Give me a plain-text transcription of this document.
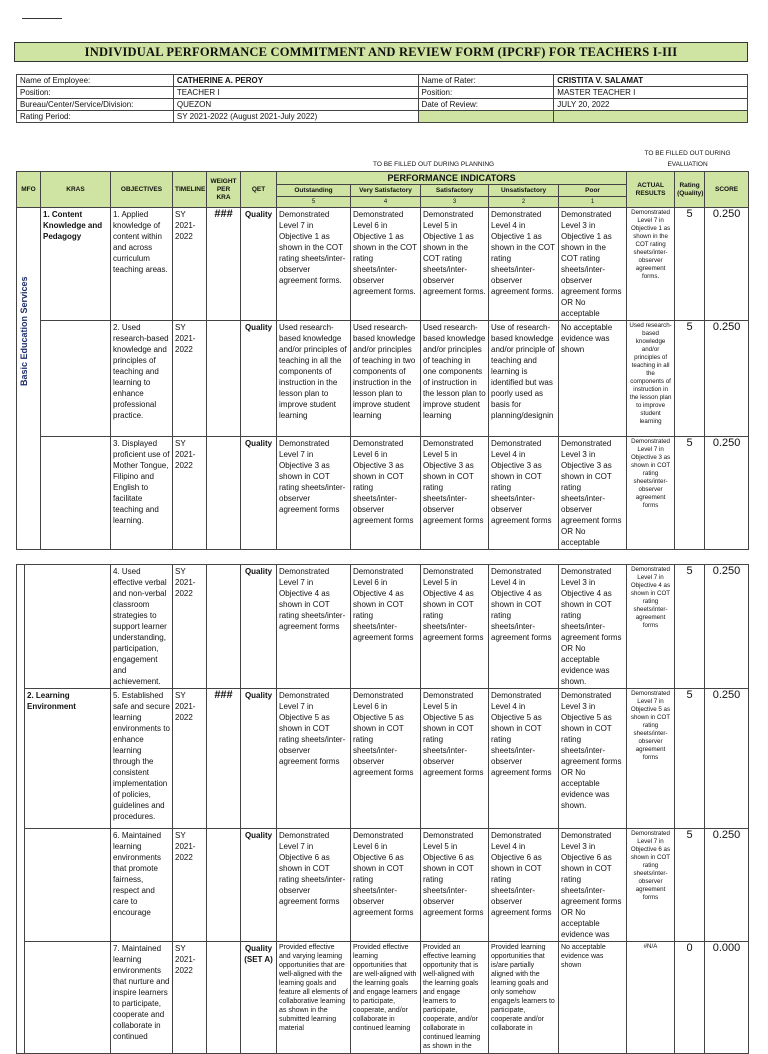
INDIVIDUAL PERFORMANCE COMMITMENT AND REVIEW FORM (IPCRF) FOR TEACHERS I-III
Name of Employee:	CATHERINE A. PEROY	Name of Rater:	CRISTITA V. SALAMAT
Position:	TEACHER I	Position:	MASTER TEACHER I
Bureau/Center/Service/Division:	QUEZON	Date of Review:	JULY 20, 2022
Rating Period:	SY 2021-2022 (August 2021-July 2022)		
					TO BE FILLED OUT DURING PLANNING						TO BE FILLED OUT DURING EVALUATION		
MFO	KRAS	OBJECTIVES	TIMELINE	WEIGHT PER KRA	QET	PERFORMANCE INDICATORS					ACTUAL RESULTS	Rating (Quality)	SCORE
						Outstanding	Very Satisfactory	Satisfactory	Unsatisfactory	Poor			
						5	4	3	2	1			

Basic Education Services	1. Content Knowledge and Pedagogy	1. Applied knowledge of content within and across curriculum teaching areas.	SY 2021-2022	###	Quality	Demonstrated Level 7 in Objective 1 as shown in the COT rating sheets/inter-observer agreement forms.	Demonstrated Level 6 in Objective 1 as shown in the COT rating sheets/inter-observer agreement forms.	Demonstrated Level 5 in Objective 1 as shown in the COT rating sheets/inter-observer agreement forms.	Demonstrated Level 4 in Objective 1 as shown in the COT rating sheets/inter-observer agreement forms.	Demonstrated Level 3 in Objective 1 as shown in the COT rating sheets/inter-observer agreement forms OR No acceptable	Demonstrated Level 7 in Objective 1 as shown in the COT rating sheets/inter-observer agreement forms.	5	0.250
		2. Used research-based knowledge and principles of teaching and learning to enhance professional practice.	SY 2021-2022		Quality	Used research-based knowledge and/or principles of teaching in all the components of instruction in the lesson plan to improve student learning	Used research-based knowledge and/or principles of teaching in two components of instruction in the lesson plan to improve student learning	Used research-based knowledge and/or principles of teaching in one components of instruction in the lesson plan to improve student learning	Use of research-based knowledge and/or principle of teaching and learning is identified but was poorly used as basis for planning/designin	No acceptable evidence was shown	Used research-based knowledge and/or principles of teaching in all the components of instruction in the lesson plan to improve student learning	5	0.250
		3. Displayed proficient use of Mother Tongue, Filipino and English to facilitate teaching and learning.	SY 2021-2022		Quality	Demonstrated Level 7 in Objective 3 as shown in COT rating sheets/inter-observer agreement forms	Demonstrated Level 6 in Objective 3 as shown in COT rating sheets/inter-observer agreement forms	Demonstrated Level 5 in Objective 3 as shown in COT rating sheets/inter-observer agreement forms	Demonstrated Level 4 in Objective 3 as shown in COT rating sheets/inter-observer agreement forms	Demonstrated Level 3 in Objective 3 as shown in COT rating sheets/inter-observer agreement forms OR No acceptable	Demonstrated Level 7 in Objective 3 as shown in COT rating sheets/inter-observer agreement forms	5	0.250
		4. Used effective verbal and non-verbal classroom strategies to support learner understanding, participation, engagement and achievement.	SY 2021-2022		Quality	Demonstrated Level 7 in Objective 4 as shown in COT rating sheets/inter-agreement forms	Demonstrated Level 6 in Objective 4 as shown in COT rating sheets/inter-agreement forms	Demonstrated Level 5 in Objective 4 as shown in COT rating sheets/inter-agreement forms	Demonstrated Level 4 in Objective 4 as shown in COT rating sheets/inter-agreement forms	Demonstrated Level 3 in Objective 4 as shown in COT rating sheets/inter-agreement forms OR No acceptable evidence was shown.	Demonstrated Level 7 in Objective 4 as shown in COT rating sheets/inter-agreement forms	5	0.250
	2. Learning Environment	5. Established safe and secure learning environments to enhance learning through the consistent implementation of policies, guidelines and procedures.	SY 2021-2022	###	Quality	Demonstrated Level 7 in Objective 5 as shown in COT rating sheets/inter-observer agreement forms	Demonstrated Level 6 in Objective 5 as shown in COT rating sheets/inter-observer agreement forms	Demonstrated Level 5 in Objective 5 as shown in COT rating sheets/inter-observer agreement forms	Demonstrated Level 4 in Objective 5 as shown in COT rating sheets/inter-observer agreement forms	Demonstrated Level 3 in Objective 5 as shown in COT rating sheets/inter-agreement forms OR No acceptable evidence was shown.	Demonstrated Level 7 in Objective 5 as shown in COT rating sheets/inter-observer agreement forms	5	0.250
		6. Maintained learning environments that promote fairness, respect and care to encourage	SY 2021-2022		Quality	Demonstrated Level 7 in Objective 6 as shown in COT rating sheets/inter-observer agreement forms	Demonstrated Level 6 in Objective 6 as shown in COT rating sheets/inter-observer agreement forms	Demonstrated Level 5 in Objective 6 as shown in COT rating sheets/inter-observer agreement forms	Demonstrated Level 4 in Objective 6 as shown in COT rating sheets/inter-observer agreement forms	Demonstrated Level 3 in Objective 6 as shown in COT rating sheets/inter-agreement forms OR No acceptable evidence was	Demonstrated Level 7 in Objective 6 as shown in COT rating sheets/inter-observer agreement forms	5	0.250
		7. Maintained learning environments that nurture and inspire learners to participate, cooperate and collaborate in continued	SY 2021-2022		Quality (SET A)	Provided effective and varying learning opportunities that are well-aligned with the learning goals and feature all elements of collaborative learning as shown in the submitted learning material	Provided effective learning opportunities that are well-aligned with the learning goals and engage learners to participate, cooperate, and/or collaborate in continued learning	Provided an effective learning opportunity that is well-aligned with the learning goals and engage learners to participate, cooperate, and/or collaborate in continued learning as shown in the	Provided learning opportunities that is/are partially aligned with the learning goals and only somehow engage/s learners to participate, cooperate and/or collaborate in	No acceptable evidence was shown	#N/A	0	0.000
